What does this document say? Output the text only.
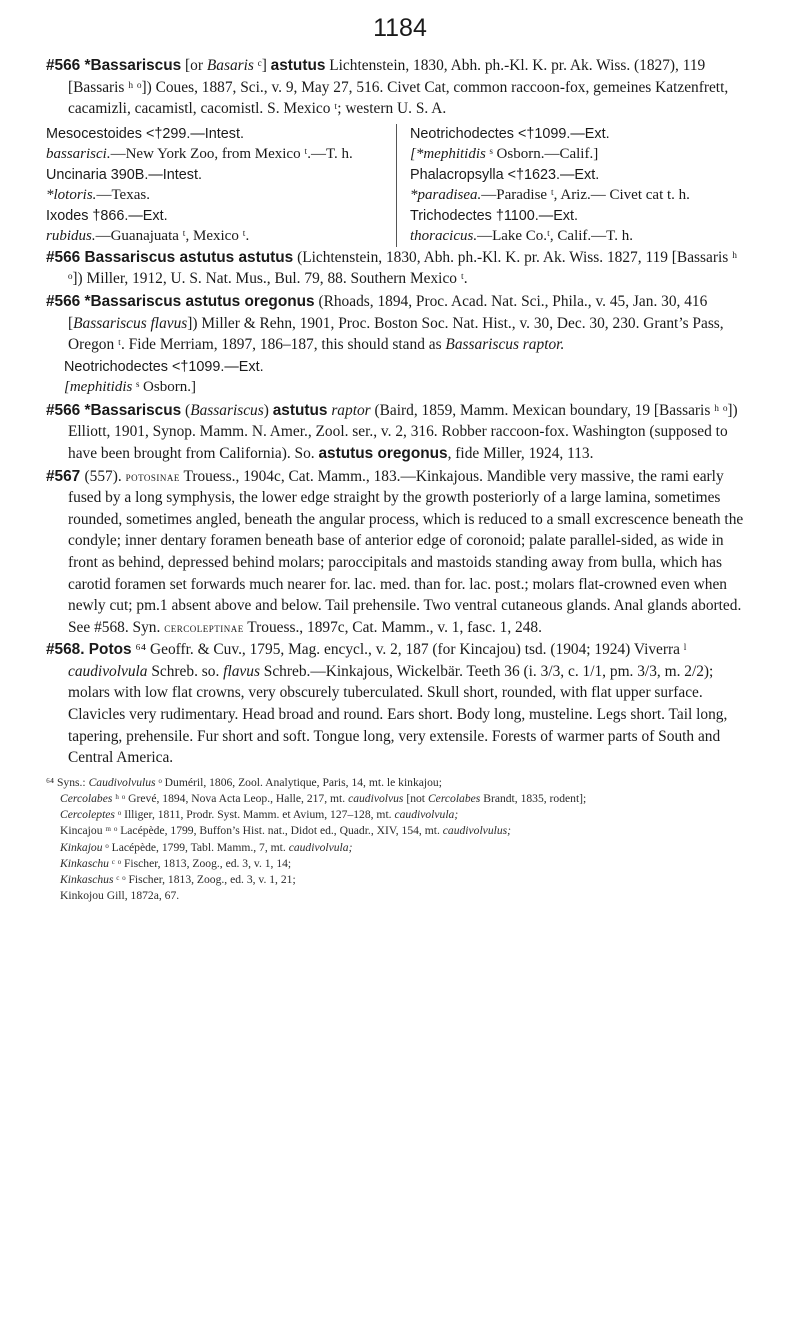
1184

#566 *Bassariscus [or Basaris ᶜ] astutus Lichtenstein, 1830, Abh. ph.-Kl. K. pr. Ak. Wiss. (1827), 119 [Bassaris ʰ ᵒ]) Coues, 1887, Sci., v. 9, May 27, 516. Civet Cat, common raccoon-fox, gemeines Katzenfrett, cacamizli, cacamistl, cacomistl. S. Mexico ᵗ; western U. S. A.

Mesocestoides <†299.—Intest.
bassarisci.—New York Zoo, from Mexico ᵗ.—T. h.
Uncinaria 390B.—Intest.
*lotoris.—Texas.
Ixodes †866.—Ext.
rubidus.—Guanajuata ᵗ, Mexico ᵗ.
Neotrichodectes <†1099.—Ext.
[*mephitidis ˢ Osborn.—Calif.]
Phalacropsylla <†1623.—Ext.
*paradisea.—Paradise ᵗ, Ariz.— Civet cat t. h.
Trichodectes †1100.—Ext.
thoracicus.—Lake Co.ᵗ, Calif.—T. h.

#566 Bassariscus astutus astutus (Lichtenstein, 1830, Abh. ph.-Kl. K. pr. Ak. Wiss. 1827, 119 [Bassaris ʰ ᵒ]) Miller, 1912, U. S. Nat. Mus., Bul. 79, 88. Southern Mexico ᵗ.

#566 *Bassariscus astutus oregonus (Rhoads, 1894, Proc. Acad. Nat. Sci., Phila., v. 45, Jan. 30, 416 [Bassariscus flavus]) Miller & Rehn, 1901, Proc. Boston Soc. Nat. Hist., v. 30, Dec. 30, 230. Grant’s Pass, Oregon ᵗ. Fide Merriam, 1897, 186–187, this should stand as Bassariscus raptor.

Neotrichodectes <†1099.—Ext.
[mephitidis ˢ Osborn.]

#566 *Bassariscus (Bassariscus) astutus raptor (Baird, 1859, Mamm. Mexican boundary, 19 [Bassaris ʰ ᵒ]) Elliott, 1901, Synop. Mamm. N. Amer., Zool. ser., v. 2, 316. Robber raccoon-fox. Washington (supposed to have been brought from California). So. astutus oregonus, fide Miller, 1924, 113.

#567 (557). potosinae Trouess., 1904c, Cat. Mamm., 183.—Kinkajous. Mandible very massive, the rami early fused by a long symphysis, the lower edge straight by the growth posteriorly of a large lamina, sometimes rounded, sometimes angled, beneath the angular process, which is reduced to a small excrescence beneath the condyle; inner dentary foramen beneath base of anterior edge of coronoid; palate parallel-sided, as wide in front as behind, depressed behind molars; paroccipitals and mastoids standing away from bulla, which has carotid foramen set forwards much nearer for. lac. med. than for. lac. post.; molars flat-crowned even when newly cut; pm.1 absent above and below. Tail prehensile. Two ventral cutaneous glands. Anal glands aborted. See #568. Syn. cercoleptinae Trouess., 1897c, Cat. Mamm., v. 1, fasc. 1, 248.

#568. Potos ⁶⁴ Geoffr. & Cuv., 1795, Mag. encycl., v. 2, 187 (for Kincajou) tsd. (1904; 1924) Viverra ˡ caudivolvula Schreb. so. flavus Schreb.—Kinkajous, Wickelbär. Teeth 36 (i. 3/3, c. 1/1, pm. 3/3, m. 2/2); molars with low flat crowns, very obscurely tuberculated. Skull short, rounded, with flat upper surface. Clavicles very rudimentary. Head broad and round. Ears short. Body long, musteline. Legs short. Tail long, tapering, prehensile. Fur short and soft. Tongue long, very extensile. Forests of warmer parts of South and Central America.

⁶⁴ Syns.: Caudivolvulus ᵒ Duméril, 1806, Zool. Analytique, Paris, 14, mt. le kinkajou;
Cercolabes ʰ ᵒ Grevé, 1894, Nova Acta Leop., Halle, 217, mt. caudivolvus [not Cercolabes Brandt, 1835, rodent];
Cercoleptes ᵒ Illiger, 1811, Prodr. Syst. Mamm. et Avium, 127–128, mt. caudivolvula;
Kincajou ᵐ ᵒ Lacépède, 1799, Buffon’s Hist. nat., Didot ed., Quadr., XIV, 154, mt. caudivolvulus;
Kinkajou ᵒ Lacépède, 1799, Tabl. Mamm., 7, mt. caudivolvula;
Kinkaschu ᶜ ᵒ Fischer, 1813, Zoog., ed. 3, v. 1, 14;
Kinkaschus ᶜ ᵒ Fischer, 1813, Zoog., ed. 3, v. 1, 21;
Kinkojou Gill, 1872a, 67.
